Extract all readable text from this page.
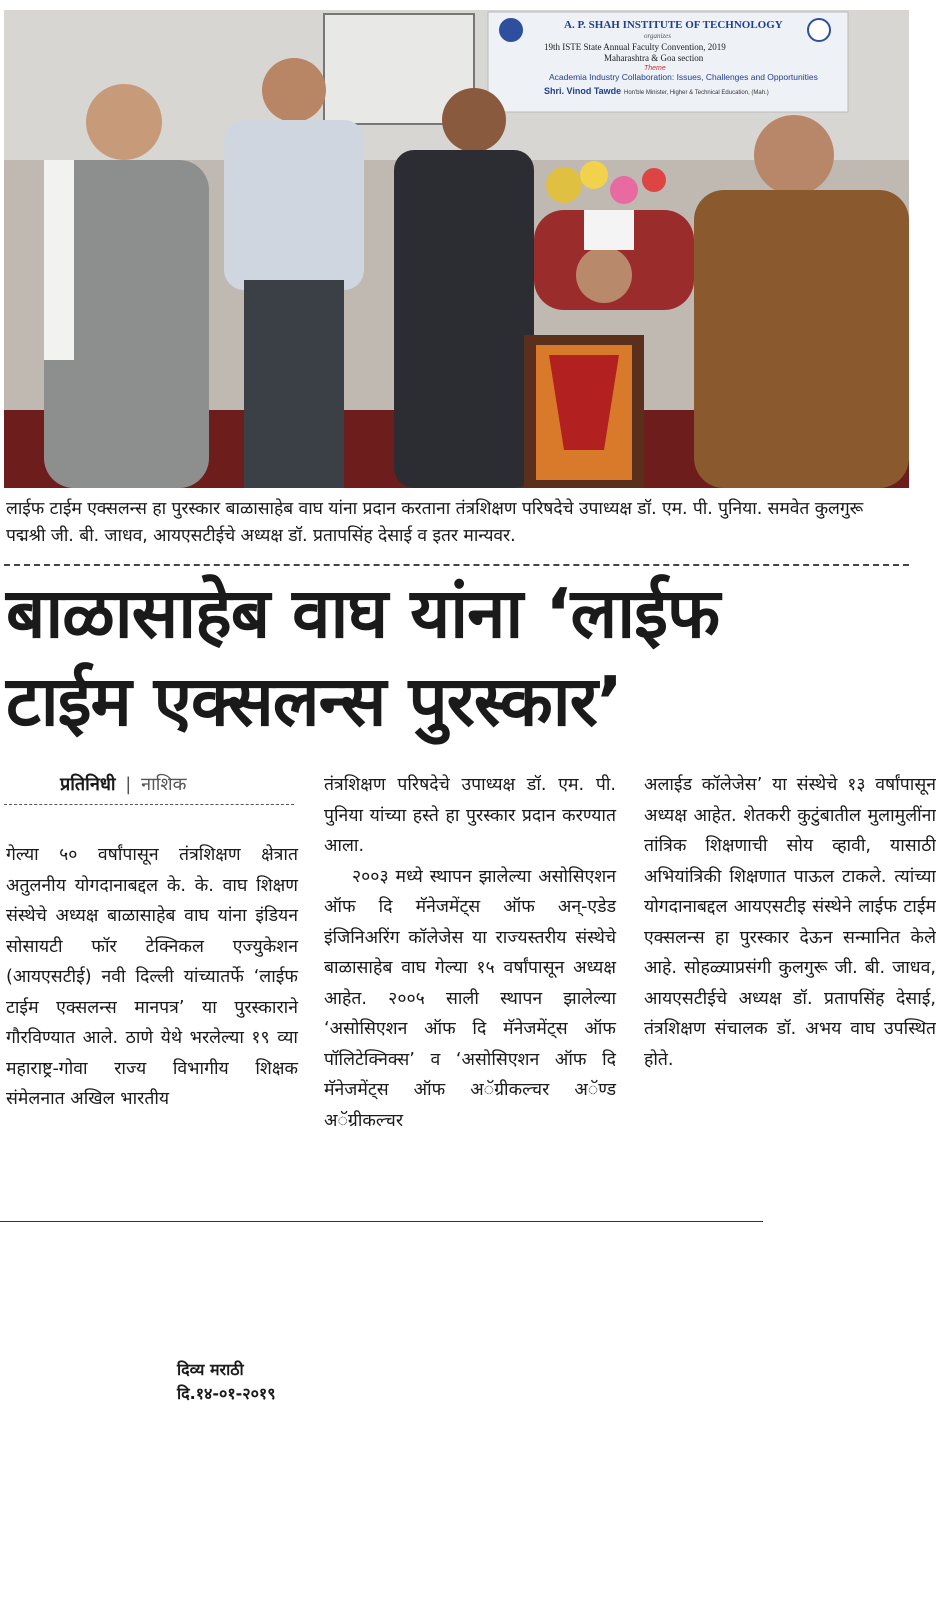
A. P. SHAH INSTITUTE OF TECHNOLOGY
organizes
19th ISTE State Annual Faculty Convention, 2019
Maharashtra & Goa section
Theme
Academia Industry Collaboration: Issues, Challenges and Opportunities
Shri. Vinod Tawde Hon'ble Minister, Higher & Technical Education, (Mah.)
लाईफ टाईम एक्सलन्स हा पुरस्कार बाळासाहेब वाघ यांना प्रदान करताना तंत्रशिक्षण परिषदेचे उपाध्यक्ष डॉ. एम. पी. पुनिया. समवेत कुलगुरू पद्मश्री जी. बी. जाधव, आयएसटीईचे अध्यक्ष डॉ. प्रतापसिंह देसाई व इतर मान्यवर.
बाळासाहेब वाघ यांना ‘लाईफ
टाईम एक्सलन्स पुरस्कार’
प्रतिनिधी | नाशिक
गेल्या ५० वर्षांपासून तंत्रशिक्षण क्षेत्रात अतुलनीय योगदानाबद्दल के. के. वाघ शिक्षण संस्थेचे अध्यक्ष बाळासाहेब वाघ यांना इंडियन सोसायटी फॉर टेक्निकल एज्युकेशन (आयएसटीई) नवी दिल्ली यांच्यातर्फे ‘लाईफ टाईम एक्सलन्स मानपत्र’ या पुरस्काराने गौरविण्यात आले. ठाणे येथे भरलेल्या १९ व्या महाराष्ट्र-गोवा राज्य विभागीय शिक्षक संमेलनात अखिल भारतीय
तंत्रशिक्षण परिषदेचे उपाध्यक्ष डॉ. एम. पी. पुनिया यांच्या हस्ते हा पुरस्कार प्रदान करण्यात आला.
२००३ मध्ये स्थापन झालेल्या असोसिएशन ऑफ दि मॅनेजमेंट्स ऑफ अन्-एडेड इंजिनिअरिंग कॉलेजेस या राज्यस्तरीय संस्थेचे बाळासाहेब वाघ गेल्या १५ वर्षांपासून अध्यक्ष आहेत. २००५ साली स्थापन झालेल्या ‘असोसिएशन ऑफ दि मॅनेजमेंट्स ऑफ पॉलिटेक्निक्स’ व ‘असोसिएशन ऑफ दि मॅनेजमेंट्स ऑफ अॅग्रीकल्चर अॅण्ड अॅग्रीकल्चर
अलाईड कॉलेजेस’ या संस्थेचे १३ वर्षांपासून अध्यक्ष आहेत. शेतकरी कुटुंबातील मुलामुलींना तांत्रिक शिक्षणाची सोय व्हावी, यासाठी अभियांत्रिकी शिक्षणात पाऊल टाकले. त्यांच्या योगदानाबद्दल आयएसटीइ संस्थेने लाईफ टाईम एक्सलन्स हा पुरस्कार देऊन सन्मानित केले आहे. सोहळ्याप्रसंगी कुलगुरू जी. बी. जाधव, आयएसटीईचे अध्यक्ष डॉ. प्रतापसिंह देसाई, तंत्रशिक्षण संचालक डॉ. अभय वाघ उपस्थित होते.
दिव्य मराठी
दि.१४-०१-२०१९
